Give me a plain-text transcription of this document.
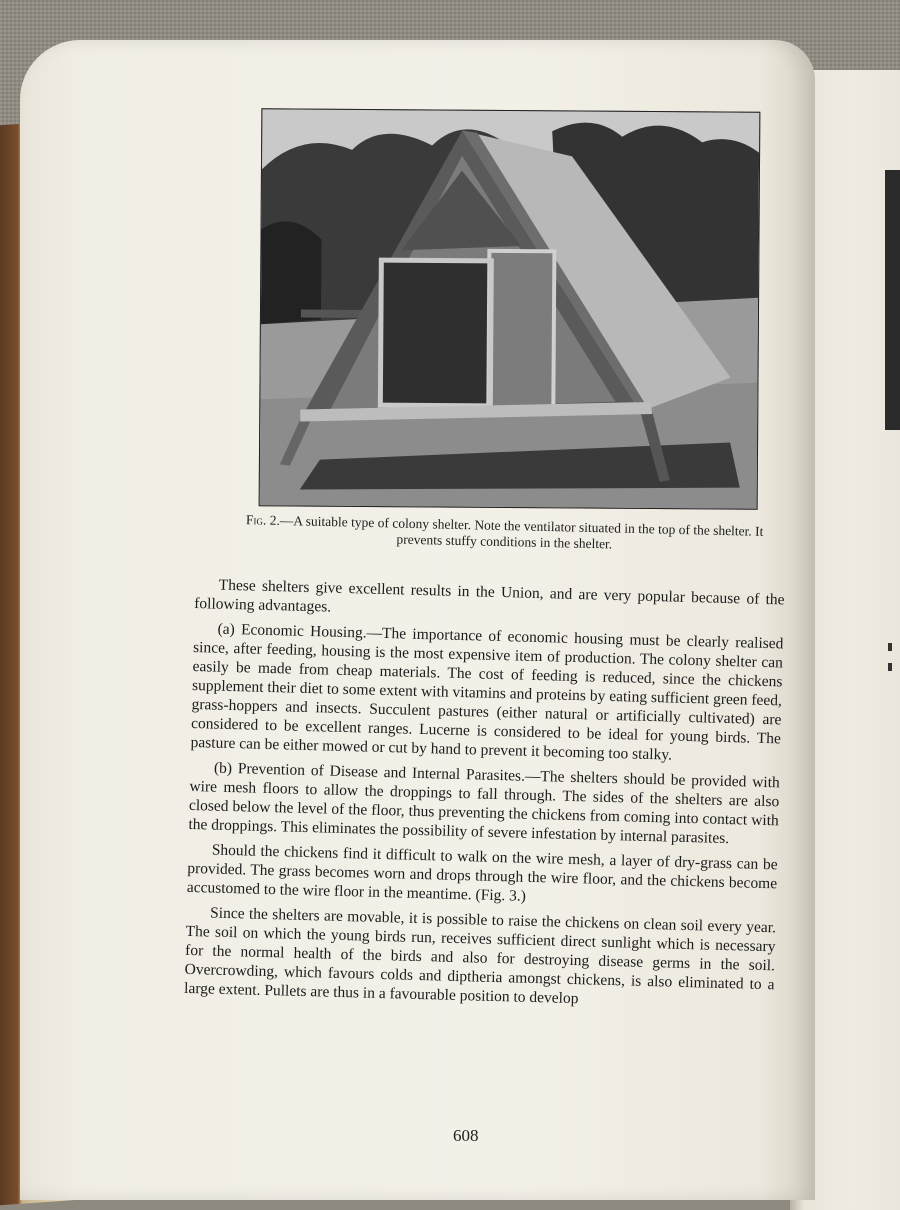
Fig. 2.—A suitable type of colony shelter. Note the ventilator situated in the top of the shelter. It prevents stuffy conditions in the shelter.

These shelters give excellent results in the Union, and are very popular because of the following advantages.

(a) Economic Housing.—The importance of economic housing must be clearly realised since, after feeding, housing is the most expensive item of production. The colony shelter can easily be made from cheap materials. The cost of feeding is reduced, since the chickens supplement their diet to some extent with vitamins and proteins by eating sufficient green feed, grass-hoppers and insects. Succulent pastures (either natural or artificially cultivated) are considered to be excellent ranges. Lucerne is considered to be ideal for young birds. The pasture can be either mowed or cut by hand to prevent it becoming too stalky.

(b) Prevention of Disease and Internal Parasites.—The shelters should be provided with wire mesh floors to allow the droppings to fall through. The sides of the shelters are also closed below the level of the floor, thus preventing the chickens from coming into contact with the droppings. This eliminates the possibility of severe infestation by internal parasites.

Should the chickens find it difficult to walk on the wire mesh, a layer of dry-grass can be provided. The grass becomes worn and drops through the wire floor, and the chickens become accustomed to the wire floor in the meantime. (Fig. 3.)

Since the shelters are movable, it is possible to raise the chickens on clean soil every year. The soil on which the young birds run, receives sufficient direct sunlight which is necessary for the normal health of the birds and also for destroying disease germs in the soil. Overcrowding, which favours colds and diptheria amongst chickens, is also eliminated to a large extent. Pullets are thus in a favourable position to develop

608
